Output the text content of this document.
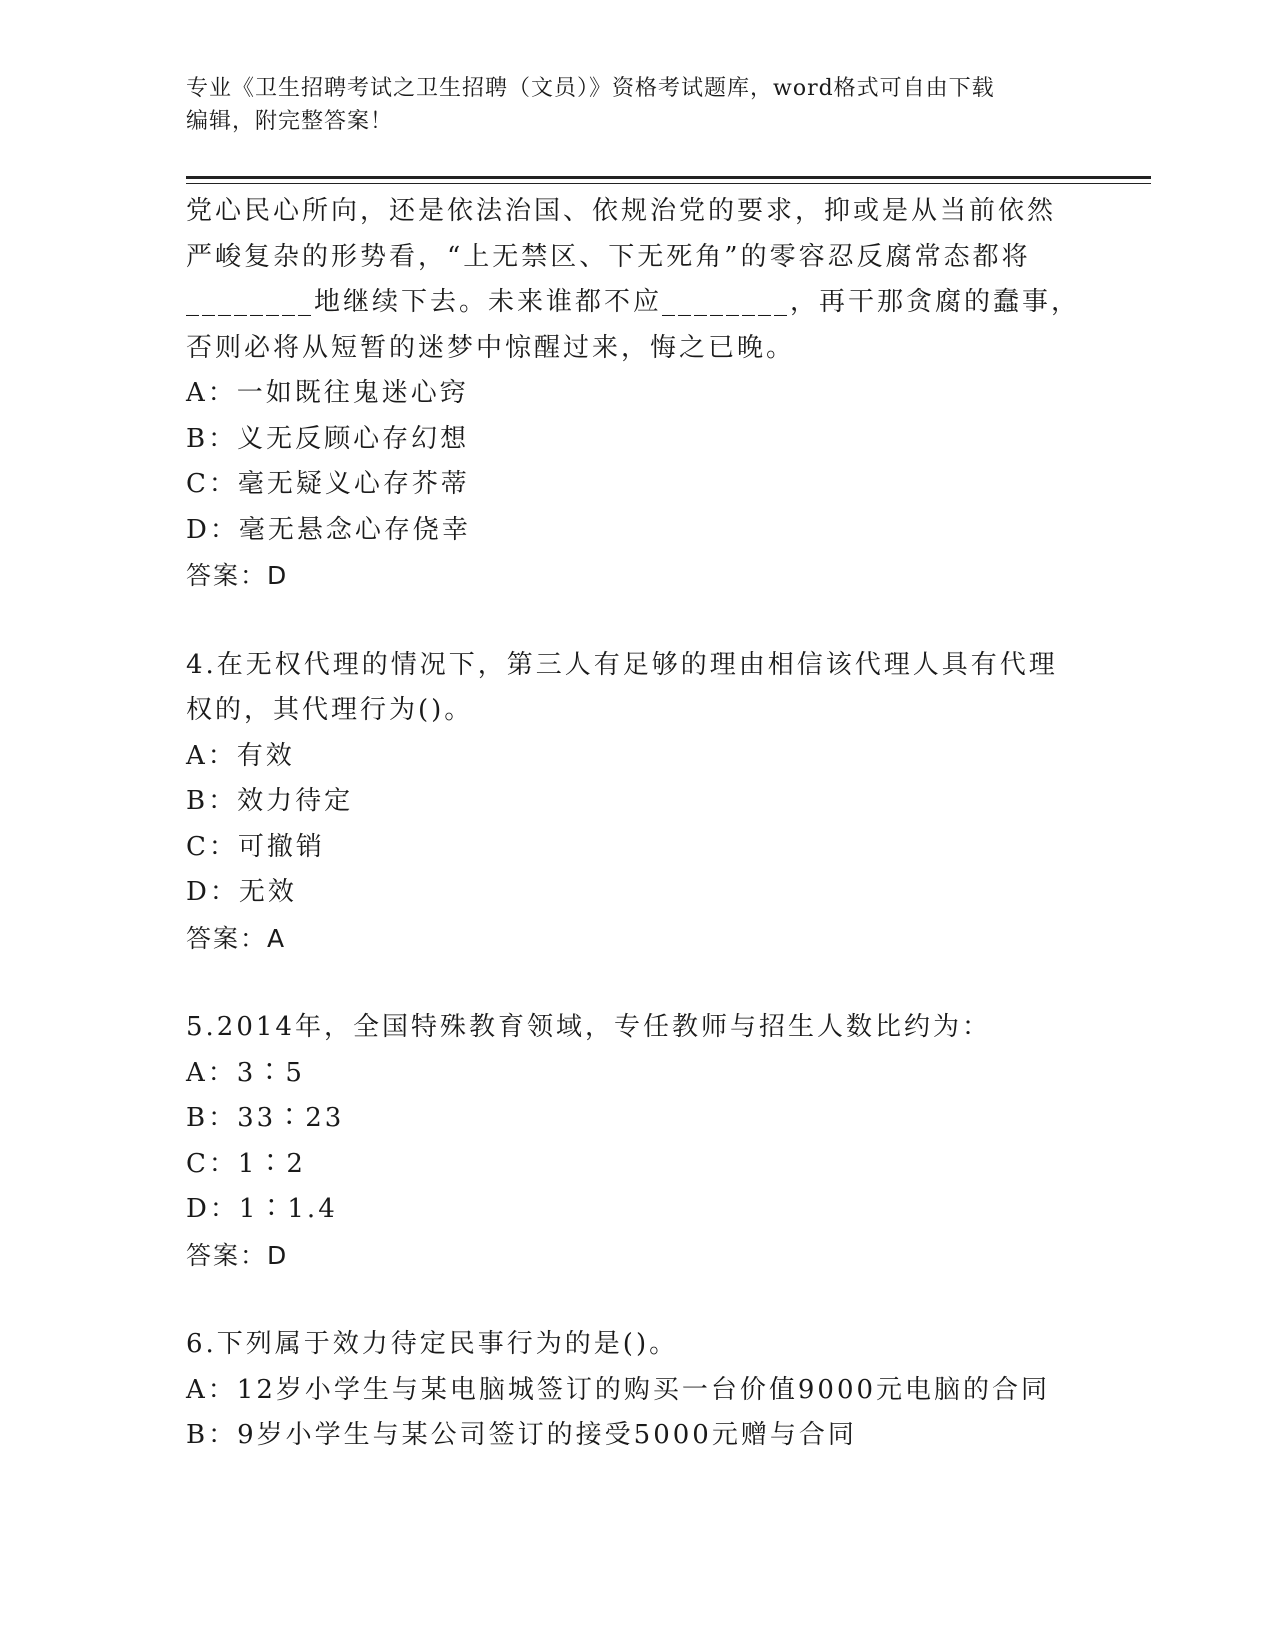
专业《卫生招聘考试之卫生招聘（文员）》资格考试题库，word格式可自由下载
编辑，附完整答案！
党心民心所向，还是依法治国、依规治党的要求，抑或是从当前依然
严峻复杂的形势看，“上无禁区、下无死角”的零容忍反腐常态都将
________地继续下去。未来谁都不应________，再干那贪腐的蠢事，
否则必将从短暂的迷梦中惊醒过来，悔之已晚。
A：一如既往鬼迷心窍
B：义无反顾心存幻想
C：毫无疑义心存芥蒂
D：毫无悬念心存侥幸
答案：D
4.在无权代理的情况下，第三人有足够的理由相信该代理人具有代理
权的，其代理行为()。
A：有效
B：效力待定
C：可撤销
D：无效
答案：A
5.2014年，全国特殊教育领域，专任教师与招生人数比约为：
A：3∶5
B：33∶23
C：1∶2
D：1∶1.4
答案：D
6.下列属于效力待定民事行为的是()。
A：12岁小学生与某电脑城签订的购买一台价值9000元电脑的合同
B：9岁小学生与某公司签订的接受5000元赠与合同
